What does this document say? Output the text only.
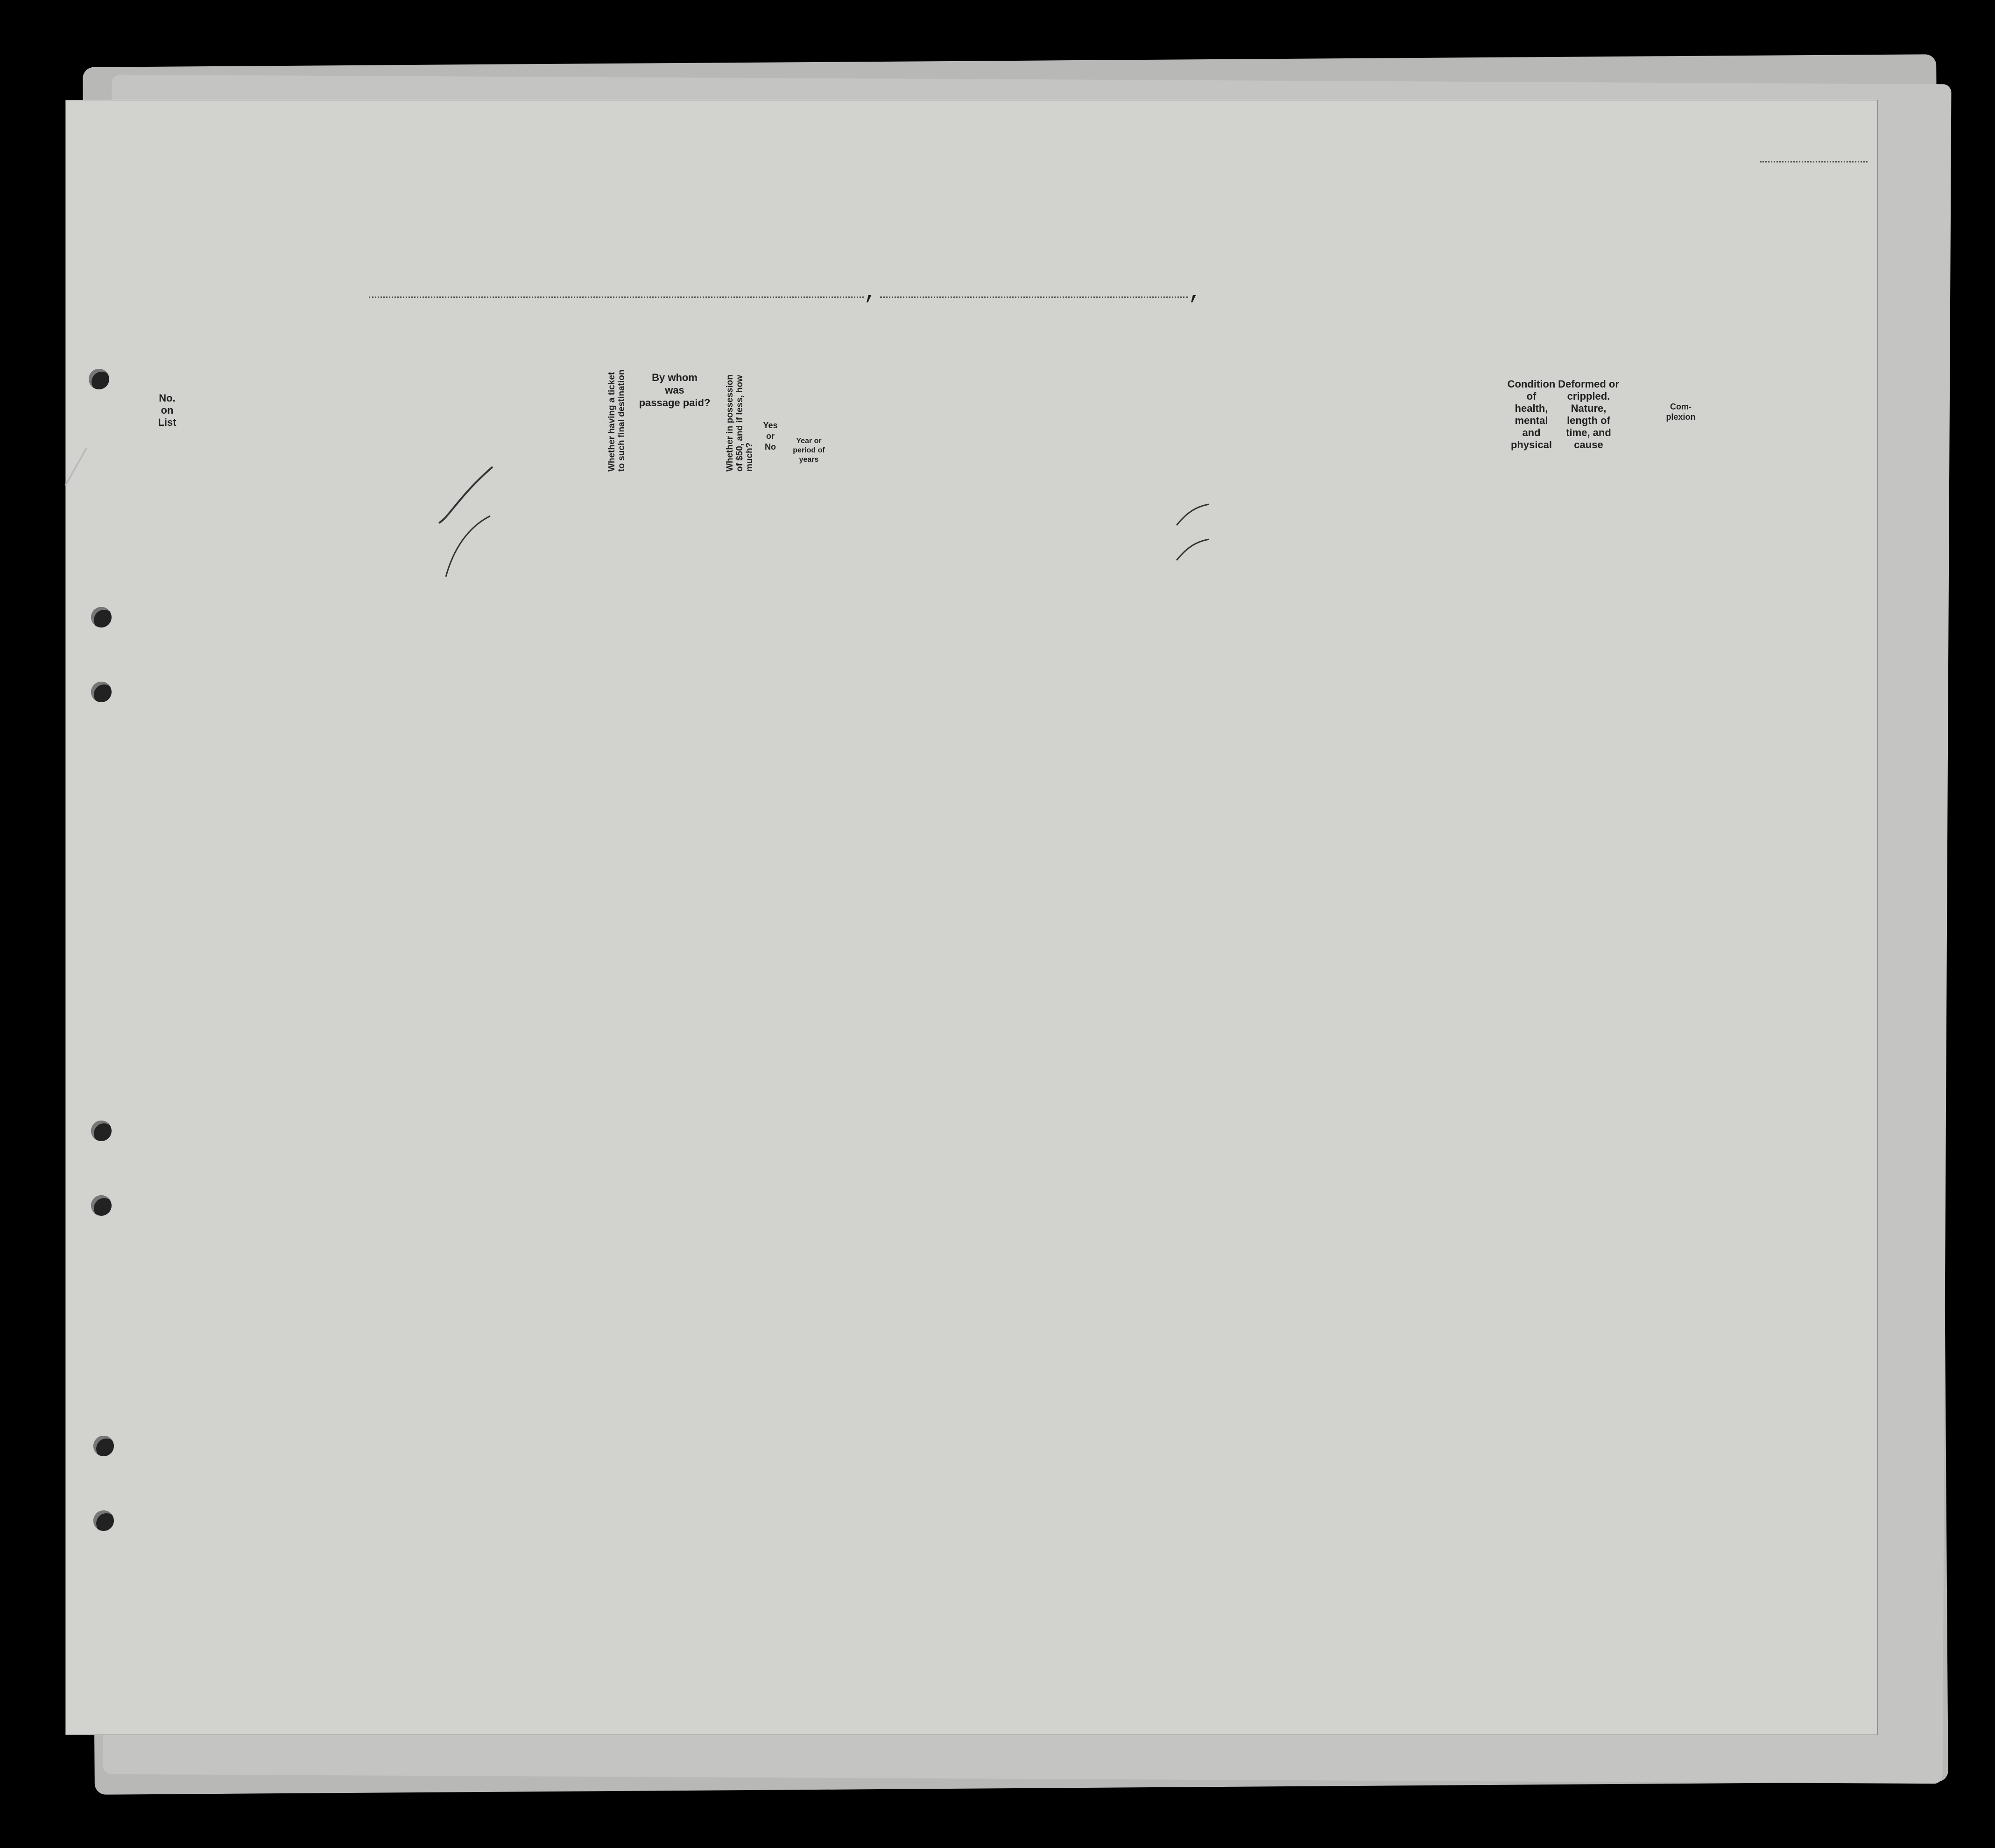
,	,
No.
on
List
By whom
was
passage paid?
Yes
or
No
Year or
period of
years
Condition
of
health,
mental
and
physical
Deformed or
crippled.
Nature,
length of
time, and
cause
Com-
plexion
Whether having a ticket to such final destination	Whether in possession of $50, and if less, how much?
